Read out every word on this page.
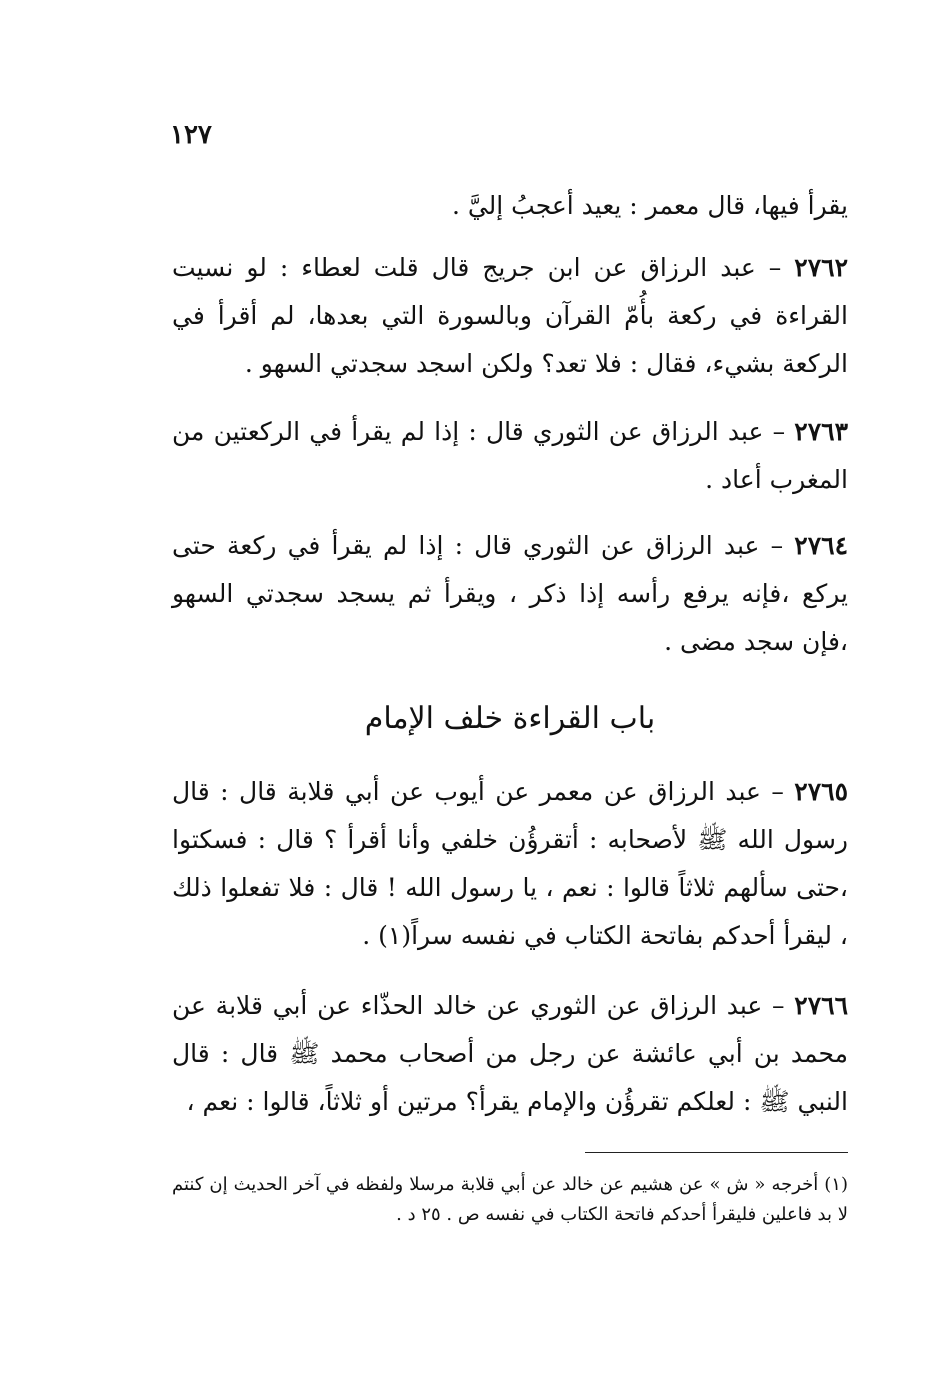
١٢٧
يقرأ فيها، قال معمر : يعيد أعجبُ إليَّ .
٢٧٦٢ – عبد الرزاق عن ابن جريج قال قلت لعطاء : لو نسيت القراءة في ركعة بأُمّ القرآن وبالسورة التي بعدها، لم أقرأ في الركعة بشيء، فقال : فلا تعد؟ ولكن اسجد سجدتي السهو .
٢٧٦٣ – عبد الرزاق عن الثوري قال : إذا لم يقرأ في الركعتين من المغرب أعاد .
٢٧٦٤ – عبد الرزاق عن الثوري قال : إذا لم يقرأ في ركعة حتى يركع ،فإنه يرفع رأسه إذا ذكر ، ويقرأ ثم يسجد سجدتي السهو ،فإن سجد مضى .
باب القراءة خلف الإمام
٢٧٦٥ – عبد الرزاق عن معمر عن أيوب عن أبي قلابة قال : قال رسول الله ﷺ لأصحابه : أتقرؤُن خلفي وأنا أقرأ ؟ قال : فسكتوا ،حتى سألهم ثلاثاً قالوا : نعم ، يا رسول الله ! قال : فلا تفعلوا ذلك ، ليقرأ أحدكم بفاتحة الكتاب في نفسه سراً(١) .
٢٧٦٦ – عبد الرزاق عن الثوري عن خالد الحذّاء عن أبي قلابة عن محمد بن أبي عائشة عن رجل من أصحاب محمد ﷺ قال : قال النبي ﷺ : لعلكم تقرؤُن والإمام يقرأ؟ مرتين أو ثلاثاً، قالوا : نعم ،
(١) أخرجه « ش » عن هشيم عن خالد عن أبي قلابة مرسلا ولفظه في آخر الحديث إن كنتم لا بد فاعلين فليقرأ أحدكم فاتحة الكتاب في نفسه ص . ٢٥ د .
